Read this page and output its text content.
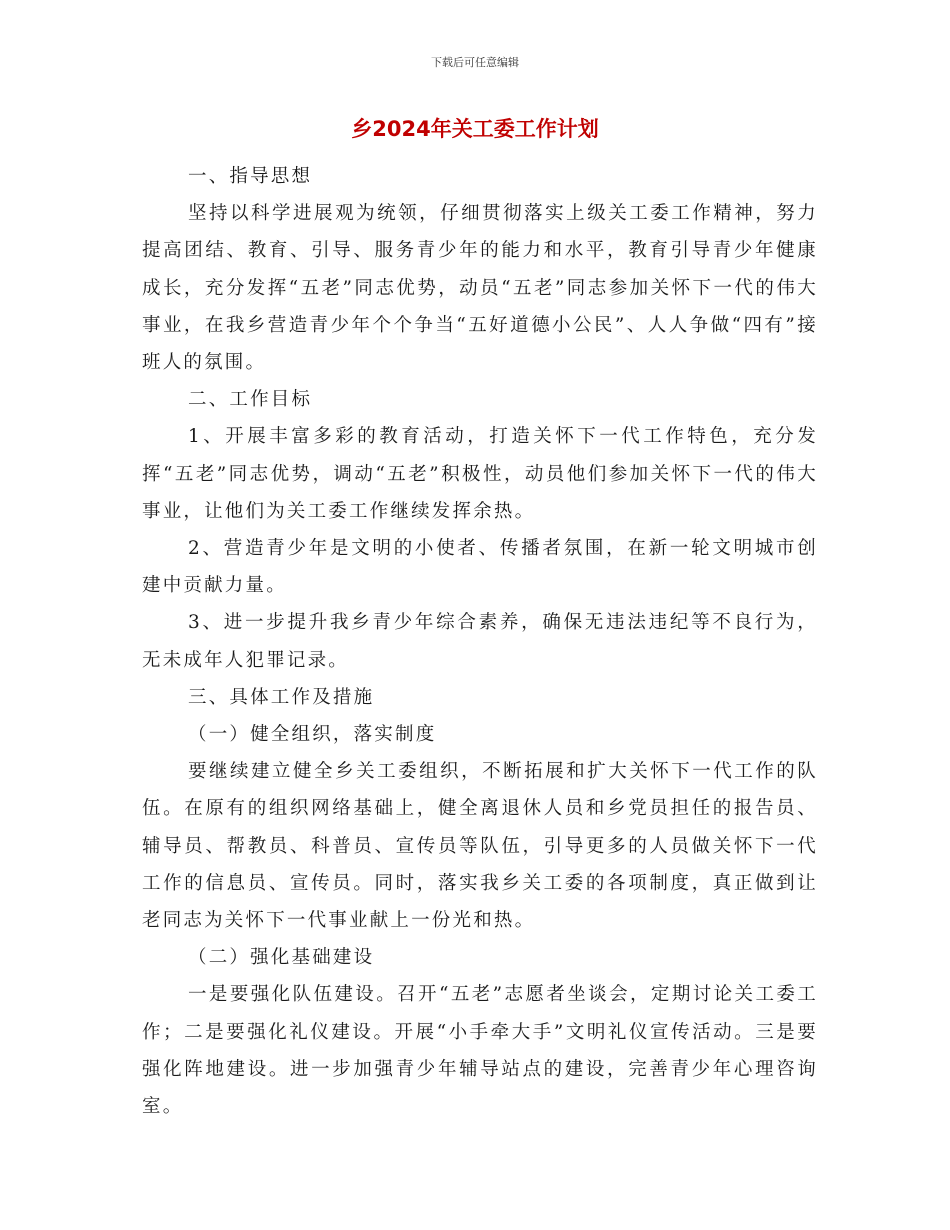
下载后可任意编辑
乡2024年关工委工作计划

一、指导思想

坚持以科学进展观为统领，仔细贯彻落实上级关工委工作精神，努力提高团结、教育、引导、服务青少年的能力和水平，教育引导青少年健康成长，充分发挥“五老”同志优势，动员“五老”同志参加关怀下一代的伟大事业，在我乡营造青少年个个争当“五好道德小公民”、人人争做“四有”接班人的氛围。

二、工作目标

1、开展丰富多彩的教育活动，打造关怀下一代工作特色，充分发挥“五老”同志优势，调动“五老”积极性，动员他们参加关怀下一代的伟大事业，让他们为关工委工作继续发挥余热。

2、营造青少年是文明的小使者、传播者氛围，在新一轮文明城市创建中贡献力量。

3、进一步提升我乡青少年综合素养，确保无违法违纪等不良行为，无未成年人犯罪记录。

三、具体工作及措施

（一）健全组织，落实制度

要继续建立健全乡关工委组织，不断拓展和扩大关怀下一代工作的队伍。在原有的组织网络基础上，健全离退休人员和乡党员担任的报告员、辅导员、帮教员、科普员、宣传员等队伍，引导更多的人员做关怀下一代工作的信息员、宣传员。同时，落实我乡关工委的各项制度，真正做到让老同志为关怀下一代事业献上一份光和热。

（二）强化基础建设

一是要强化队伍建设。召开“五老”志愿者坐谈会，定期讨论关工委工作；二是要强化礼仪建设。开展“小手牵大手”文明礼仪宣传活动。三是要强化阵地建设。进一步加强青少年辅导站点的建设，完善青少年心理咨询室。
